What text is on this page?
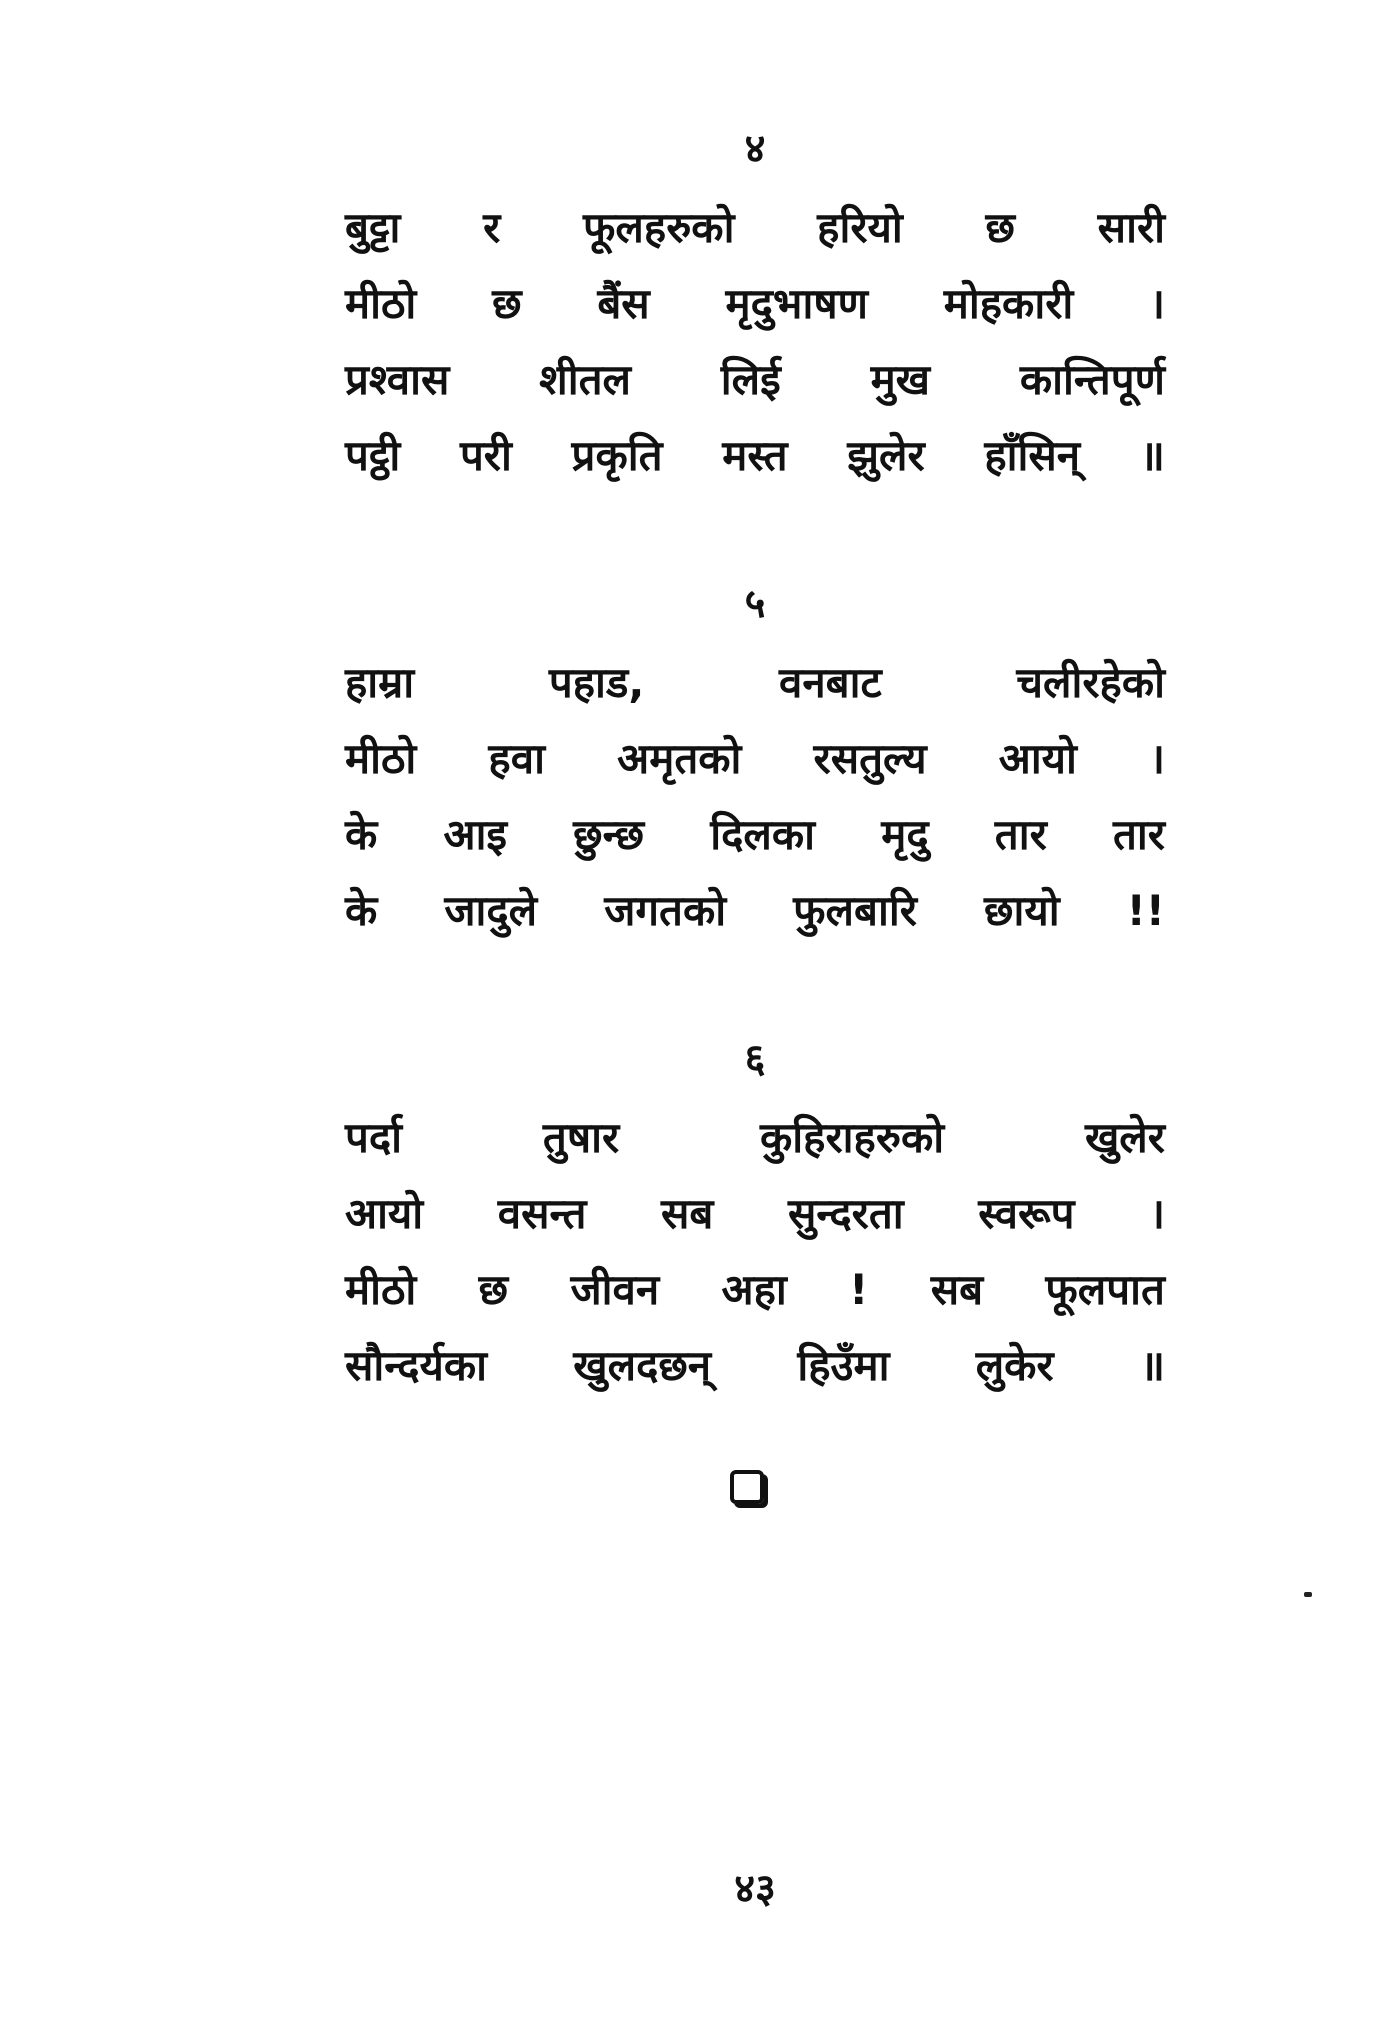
४
बुट्टा र फूलहरुको हरियो छ सारी
मीठो छ बैंस मृदुभाषण मोहकारी ।
प्रश्वास शीतल लिई मुख कान्तिपूर्ण
पट्ठी परी प्रकृति मस्त झुलेर हाँसिन् ॥
५
हाम्रा	पहाड,	वनबाट	चलीरहेको
मीठो हवा अमृतको रसतुल्य आयो ।
के आइ छुन्छ दिलका मृदु तार तार
के जादुले जगतको फुलबारि छायो !!
६
पर्दा	तुषार	कुहिराहरुको	खुलेर
आयो वसन्त सब सुन्दरता स्वरूप ।
मीठो छ जीवन अहा ! सब फूलपात
सौन्दर्यका खुलदछन् हिउँमा लुकेर ॥
४३
